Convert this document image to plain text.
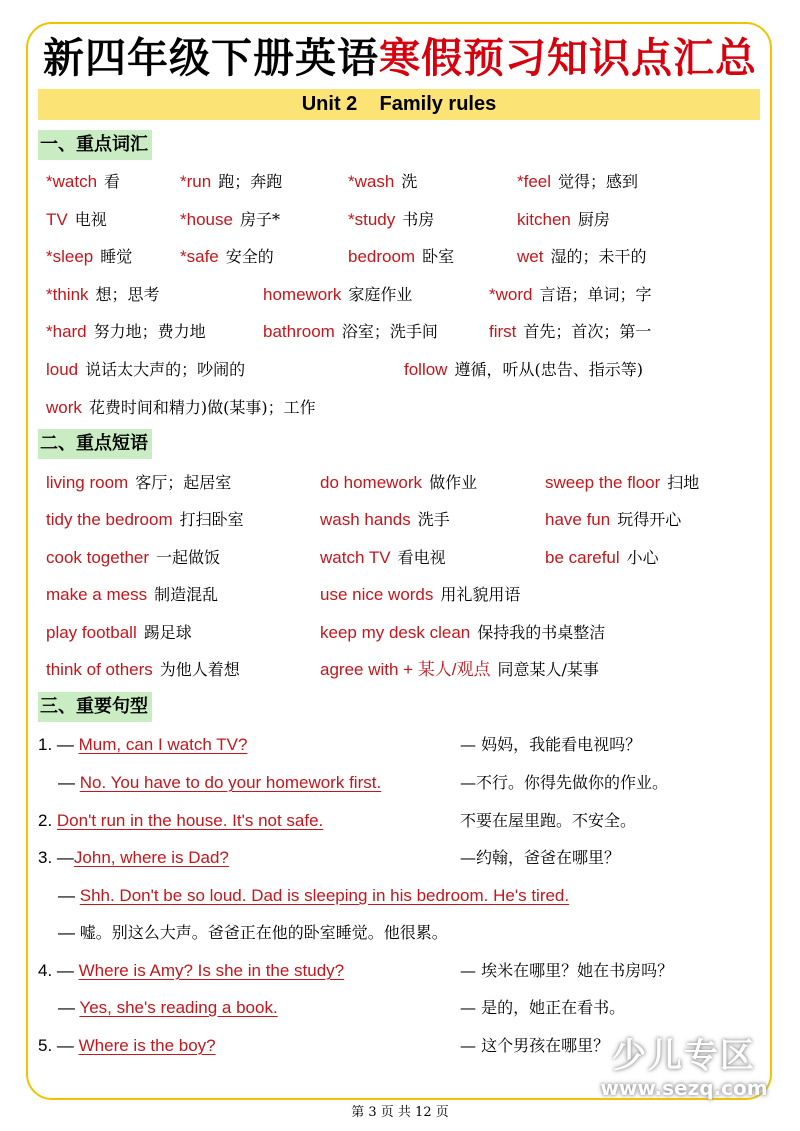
新四年级下册英语寒假预习知识点汇总
Unit 2    Family rules
一、重点词汇
*watch 看	*run 跑；奔跑	*wash 洗	*feel 觉得；感到
TV 电视	*house 房子*	*study 书房	kitchen 厨房
*sleep 睡觉	*safe 安全的	bedroom 卧室	wet 湿的；未干的
*think 想；思考	homework 家庭作业	*word 言语；单词；字
*hard 努力地；费力地	bathroom 浴室；洗手间	first 首先；首次；第一
loud 说话太大声的；吵闹的	follow 遵循，听从(忠告、指示等)
work 花费时间和精力)做(某事)；工作
二、重点短语
living room 客厅；起居室	do homework 做作业	sweep the floor 扫地
tidy the bedroom 打扫卧室	wash hands 洗手	have fun 玩得开心
cook together 一起做饭	watch TV 看电视	be careful 小心
make a mess 制造混乱	use nice words 用礼貌用语
play football 踢足球	keep my desk clean 保持我的书桌整洁
think of others 为他人着想	agree with + 某人/观点 同意某人/某事
三、重要句型
1. — Mum, can I watch TV?	— 妈妈，我能看电视吗？
— No. You have to do your homework first.	—不行。你得先做你的作业。
2. Don't run in the house. It's not safe.	不要在屋里跑。不安全。
3. —John, where is Dad?	—约翰，爸爸在哪里？
— Shh. Don't be so loud. Dad is sleeping in his bedroom. He's tired.
— 嘘。别这么大声。爸爸正在他的卧室睡觉。他很累。
4. — Where is Amy? Is she in the study?	— 埃米在哪里？她在书房吗？
— Yes, she's reading a book.	— 是的，她正在看书。
5. — Where is the boy?	— 这个男孩在哪里？ 少儿专区
www.sezq.com
第 3 页 共 12 页
